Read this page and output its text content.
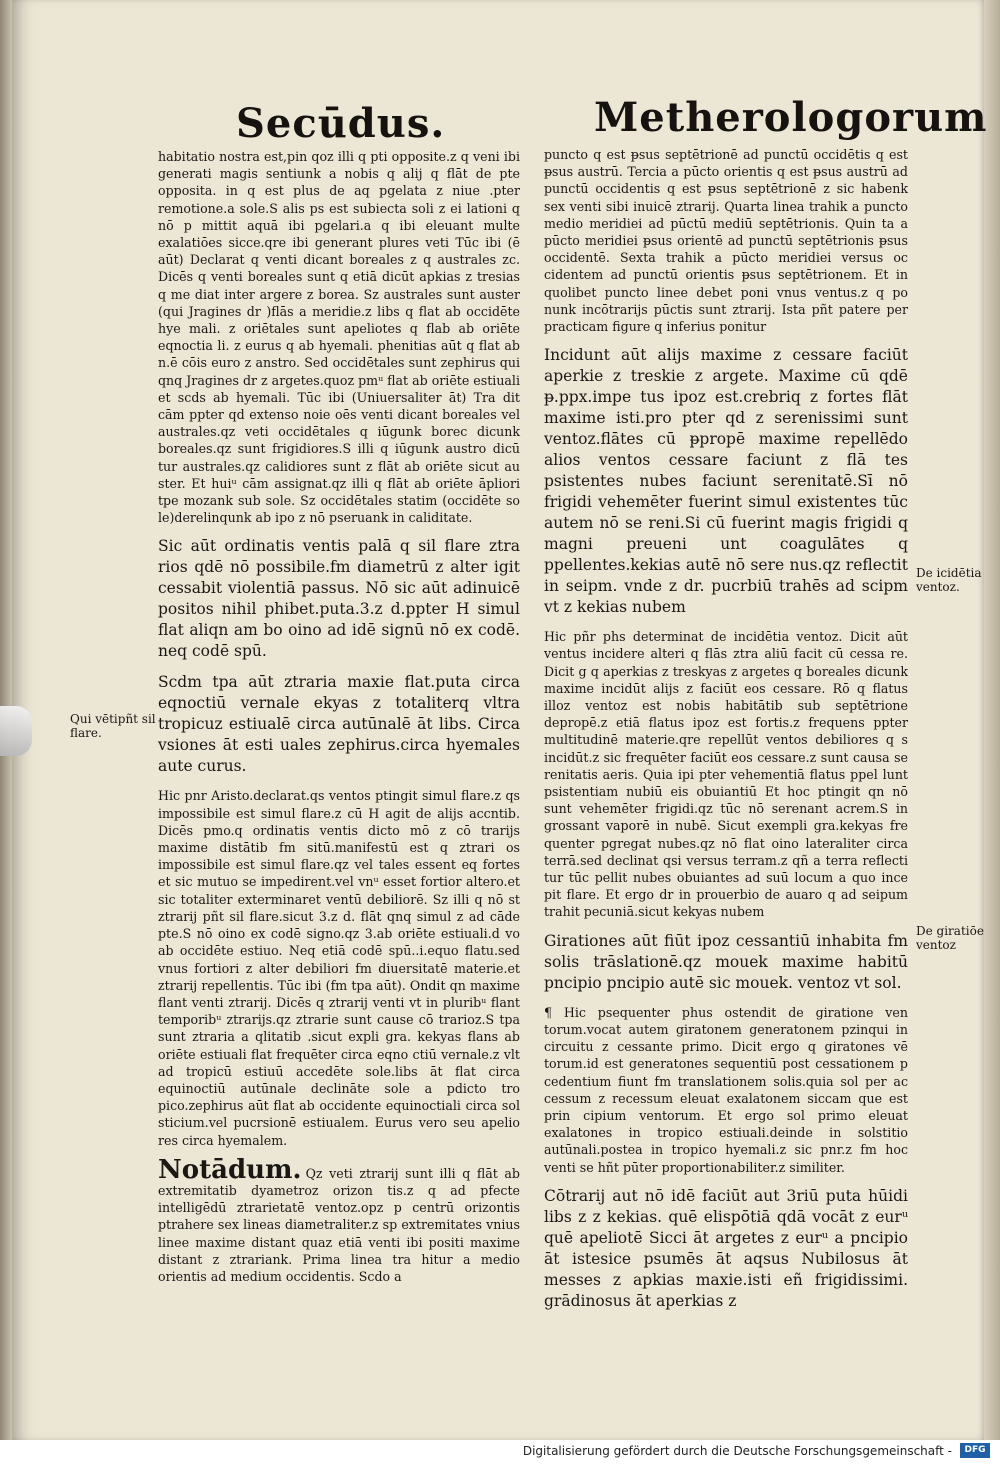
Secūdus.	Metherologorum

habitatio nostra est,pin qoz illi q pti opposite.z q veni ibi generati magis sentiunk a nobis q alij q flāt de pte opposita. in q est plus de aq pgelata z niue .pter remotione.a sole.S alis ps est subiecta soli z ei lationi q nō p mittit aquā ibi pgelari.a q ibi eleuant multe exalatiōes sicce.qre ibi generant plures veti Tūc ibi (ē aūt) Declarat q venti dicant boreales z q australes zc. Dicēs q venti boreales sunt q etiā dicūt apkias z tresias q me diat inter argere z borea. Sz australes sunt auster (qui Jragines dr )flās a meridie.z libs q flat ab occidēte hye mali. z oriētales sunt apeliotes q flab ab oriēte eqnoctia li. z eurus q ab hyemali. phenitias aūt q flat ab n.ē cōis euro z anstro. Sed occidētales sunt zephirus qui qnq Jragines dr z argetes.quoz pmᵘ flat ab oriēte estiuali et scds ab hyemali. Tūc ibi (Uniuersaliter āt) Tra dit cām ppter qd extenso noie oēs venti dicant boreales vel australes.qz veti occidētales q iūgunk borec dicunk boreales.qz sunt frigidiores.S illi q iūgunk austro dicū tur australes.qz calidiores sunt z flāt ab oriēte sicut au ster. Et huiᵘ cām assignat.qz illi q flāt ab oriēte āpliori tpe mozank sub sole. Sz occidētales statim (occidēte so le)derelinqunk ab ipo z nō pseruank in caliditate.

Sic aūt ordinatis ventis palā q sil flare ztra rios qdē nō possibile.fm diametrū z alter igit cessabit violentiā passus. Nō sic aūt adinuicē positos nihil phibet.puta.3.z d.ppter H simul flat aliqn am bo oino ad idē signū nō ex codē. neq codē spū.

Scdm tpa aūt ztraria maxie flat.puta circa eqnoctiū vernale ekyas z totaliterq vltra tropicuz estiualē circa autūnalē āt libs. Circa vsiones āt esti uales zephirus.circa hyemales aute curus.

Hic pnr Aristo.declarat.qs ventos ptingit simul flare.z qs impossibile est simul flare.z cū H agit de alijs accntib. Dicēs pmo.q ordinatis ventis dicto mō z cō trarijs maxime distātib fm sitū.manifestū est q ztrari os impossibile est simul flare.qz vel tales essent eq fortes et sic mutuo se impedirent.vel vnᵘ esset fortior altero.et sic totaliter exterminaret ventū debiliorē. Sz illi q nō st ztrarij pñt sil flare.sicut 3.z d. flāt qnq simul z ad cāde pte.S nō oino ex codē signo.qz 3.ab oriēte estiuali.d vo ab occidēte estiuo. Neq etiā codē spū..i.equo flatu.sed vnus fortiori z alter debiliori fm diuersitatē materie.et ztrarij repellentis. Tūc ibi (fm tpa aūt). Ondit qn maxime flant venti ztrarij. Dicēs q ztrarij venti vt in pluribᵘ flant temporibᵘ ztrarijs.qz ztrarie sunt cause cō trarioz.S tpa sunt ztraria a qlitatib .sicut expli gra. kekyas flans ab oriēte estiuali flat frequēter circa eqno ctiū vernale.z vlt ad tropicū estiuū accedēte sole.libs āt flat circa equinoctiū autūnale declināte sole a pdicto tro pico.zephirus aūt flat ab occidente equinoctiali circa sol sticium.vel pucrsionē estiualem. Eurus vero seu apelio res circa hyemalem.

Notādum. Qz veti ztrarij sunt illi q flāt ab extremitatib dyametroz orizon tis.z q ad pfecte intelligēdū ztrarietatē ventoz.opz p centrū orizontis ptrahere sex lineas diametraliter.z sp extremitates vnius linee maxime distant quaz etiā venti ibi positi maxime distant z ztrariank. Prima linea tra hitur a medio orientis ad medium occidentis. Scdo a

puncto q est ᵽsus septētrionē ad punctū occidētis q est ᵽsus austrū. Tercia a pūcto orientis q est ᵽsus austrū ad punctū occidentis q est ᵽsus septētrionē z sic habenk sex venti sibi inuicē ztrarij. Quarta linea trahik a puncto medio meridiei ad pūctū mediū septētrionis. Quin ta a pūcto meridiei ᵽsus orientē ad punctū septētrionis ᵽsus occidentē. Sexta trahik a pūcto meridiei versus oc cidentem ad punctū orientis ᵽsus septētrionem. Et in quolibet puncto linee debet poni vnus ventus.z q po nunk incōtrarijs pūctis sunt ztrarij. Ista pñt patere per practicam figure q inferius ponitur

Incidunt aūt alijs maxime z cessare faciūt aperkie z treskie z argete. Maxime cū qdē ᵽ.ppx.impe tus ipoz est.crebriq z fortes flāt maxime isti.pro pter qd z serenissimi sunt ventoz.flātes cū ᵽpropē maxime repellēdo alios ventos cessare faciunt z flā tes psistentes nubes faciunt serenitatē.Sī nō frigidi vehemēter fuerint simul existentes tūc autem nō se reni.Si cū fuerint magis frigidi q magni preueni unt coagulātes q ppellentes.kekias autē nō sere nus.qz reflectit in seipm. vnde z dr. pucrbiū trahēs ad scipm vt z kekias nubem

Hic pñr phs determinat de incidētia ventoz. Dicit aūt ventus incidere alteri q flās ztra aliū facit cū cessa re. Dicit g q aperkias z treskyas z argetes q boreales dicunk maxime incidūt alijs z faciūt eos cessare. Rō q flatus illoz ventoz est nobis habitātib sub septētrione depropē.z etiā flatus ipoz est fortis.z frequens ppter multitudinē materie.qre repellūt ventos debiliores q s incidūt.z sic frequēter faciūt eos cessare.z sunt causa se renitatis aeris. Quia ipi pter vehementiā flatus ppel lunt psistentiam nubiū eis obuiantiū Et hoc ptingit qn nō sunt vehemēter frigidi.qz tūc nō serenant acrem.S in grossant vaporē in nubē. Sicut exempli gra.kekyas fre quenter pgregat nubes.qz nō flat oino lateraliter circa terrā.sed declinat qsi versus terram.z qñ a terra reflecti tur tūc pellit nubes obuiantes ad suū locum a quo ince pit flare. Et ergo dr in prouerbio de auaro q ad seipum trahit pecuniā.sicut kekyas nubem

Girationes aūt fiūt ipoz cessantiū inhabita fm solis trāslationē.qz mouek maxime habitū pncipio pncipio autē sic mouek. ventoz vt sol.

¶ Hic psequenter phus ostendit de giratione ven torum.vocat autem giratonem generatonem pzinqui in circuitu z cessante primo. Dicit ergo q giratones vē torum.id est generatones sequentiū post cessationem p cedentium fiunt fm translationem solis.quia sol per ac cessum z recessum eleuat exalatonem siccam que est prin cipium ventorum. Et ergo sol primo eleuat exalatones in tropico estiuali.deinde in solstitio autūnali.postea in tropico hyemali.z sic pnr.z fm hoc venti se hñt pūter proportionabiliter.z similiter.

Cōtrarij aut nō idē faciūt aut 3riū puta hūidi libs z z kekias. quē elispōtiā qdā vocāt z eurᵘ quē apeliotē Sicci āt argetes z eurᵘ a pncipio āt istesice psumēs āt aqsus Nubilosus āt messes z apkias maxie.isti eñ frigidissimi. grādinosus āt aperkias z

Qui vētipñt sil flare.
De icidētia ventoz.
De giratiōe ventoz
Digitalisierung gefördert durch die Deutsche Forschungsgemeinschaft -	DFG
